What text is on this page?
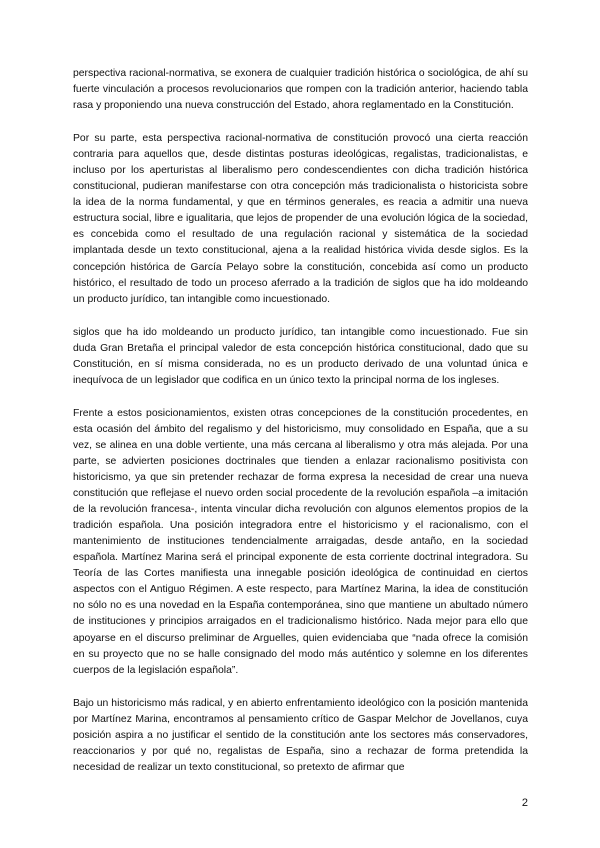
perspectiva racional-normativa, se exonera de cualquier tradición histórica o sociológica, de ahí su fuerte vinculación a procesos revolucionarios que rompen con la tradición anterior, haciendo tabla rasa y proponiendo una nueva construcción del Estado, ahora reglamentado en la Constitución.

Por su parte, esta perspectiva racional-normativa de constitución provocó una cierta reacción contraria para aquellos que, desde distintas posturas ideológicas, regalistas, tradicionalistas, e incluso por los aperturistas al liberalismo pero condescendientes con dicha tradición histórica constitucional, pudieran manifestarse con otra concepción más tradicionalista o historicista sobre la idea de la norma fundamental, y que en términos generales, es reacia a admitir una nueva estructura social, libre e igualitaria, que lejos de propender de una evolución lógica de la sociedad, es concebida como el resultado de una regulación racional y sistemática de la sociedad implantada desde un texto constitucional, ajena a la realidad histórica vivida desde siglos. Es la concepción histórica de García Pelayo sobre la constitución, concebida así como un producto histórico, el resultado de todo un proceso aferrado a la tradición de siglos que ha ido moldeando un producto jurídico, tan intangible como incuestionado.

siglos que ha ido moldeando un producto jurídico, tan intangible como incuestionado. Fue sin duda Gran Bretaña el principal valedor de esta concepción histórica constitucional, dado que su Constitución, en sí misma considerada, no es un producto derivado de una voluntad única e inequívoca de un legislador que codifica en un único texto la principal norma de los ingleses.

Frente a estos posicionamientos, existen otras concepciones de la constitución procedentes, en esta ocasión del ámbito del regalismo y del historicismo, muy consolidado en España, que a su vez, se alinea en una doble vertiente, una más cercana al liberalismo y otra más alejada. Por una parte, se advierten posiciones doctrinales que tienden a enlazar racionalismo positivista con historicismo, ya que sin pretender rechazar de forma expresa la necesidad de crear una nueva constitución que reflejase el nuevo orden social procedente de la revolución española –a imitación de la revolución francesa-, intenta vincular dicha revolución con algunos elementos propios de la tradición española. Una posición integradora entre el historicismo y el racionalismo, con el mantenimiento de instituciones tendencialmente arraigadas, desde antaño, en la sociedad española. Martínez Marina será el principal exponente de esta corriente doctrinal integradora. Su Teoría de las Cortes manifiesta una innegable posición ideológica de continuidad en ciertos aspectos con el Antiguo Régimen. A este respecto, para Martínez Marina, la idea de constitución no sólo no es una novedad en la España contemporánea, sino que mantiene un abultado número de instituciones y principios arraigados en el tradicionalismo histórico. Nada mejor para ello que apoyarse en el discurso preliminar de Arguelles, quien evidenciaba que “nada ofrece la comisión en su proyecto que no se halle consignado del modo más auténtico y solemne en los diferentes cuerpos de la legislación española”.

Bajo un historicismo más radical, y en abierto enfrentamiento ideológico con la posición mantenida por Martínez Marina, encontramos al pensamiento crítico de Gaspar Melchor de Jovellanos, cuya posición aspira a no justificar el sentido de la constitución ante los sectores más conservadores, reaccionarios y por qué no, regalistas de España, sino a rechazar de forma pretendida la necesidad de realizar un texto constitucional, so pretexto de afirmar que

2
